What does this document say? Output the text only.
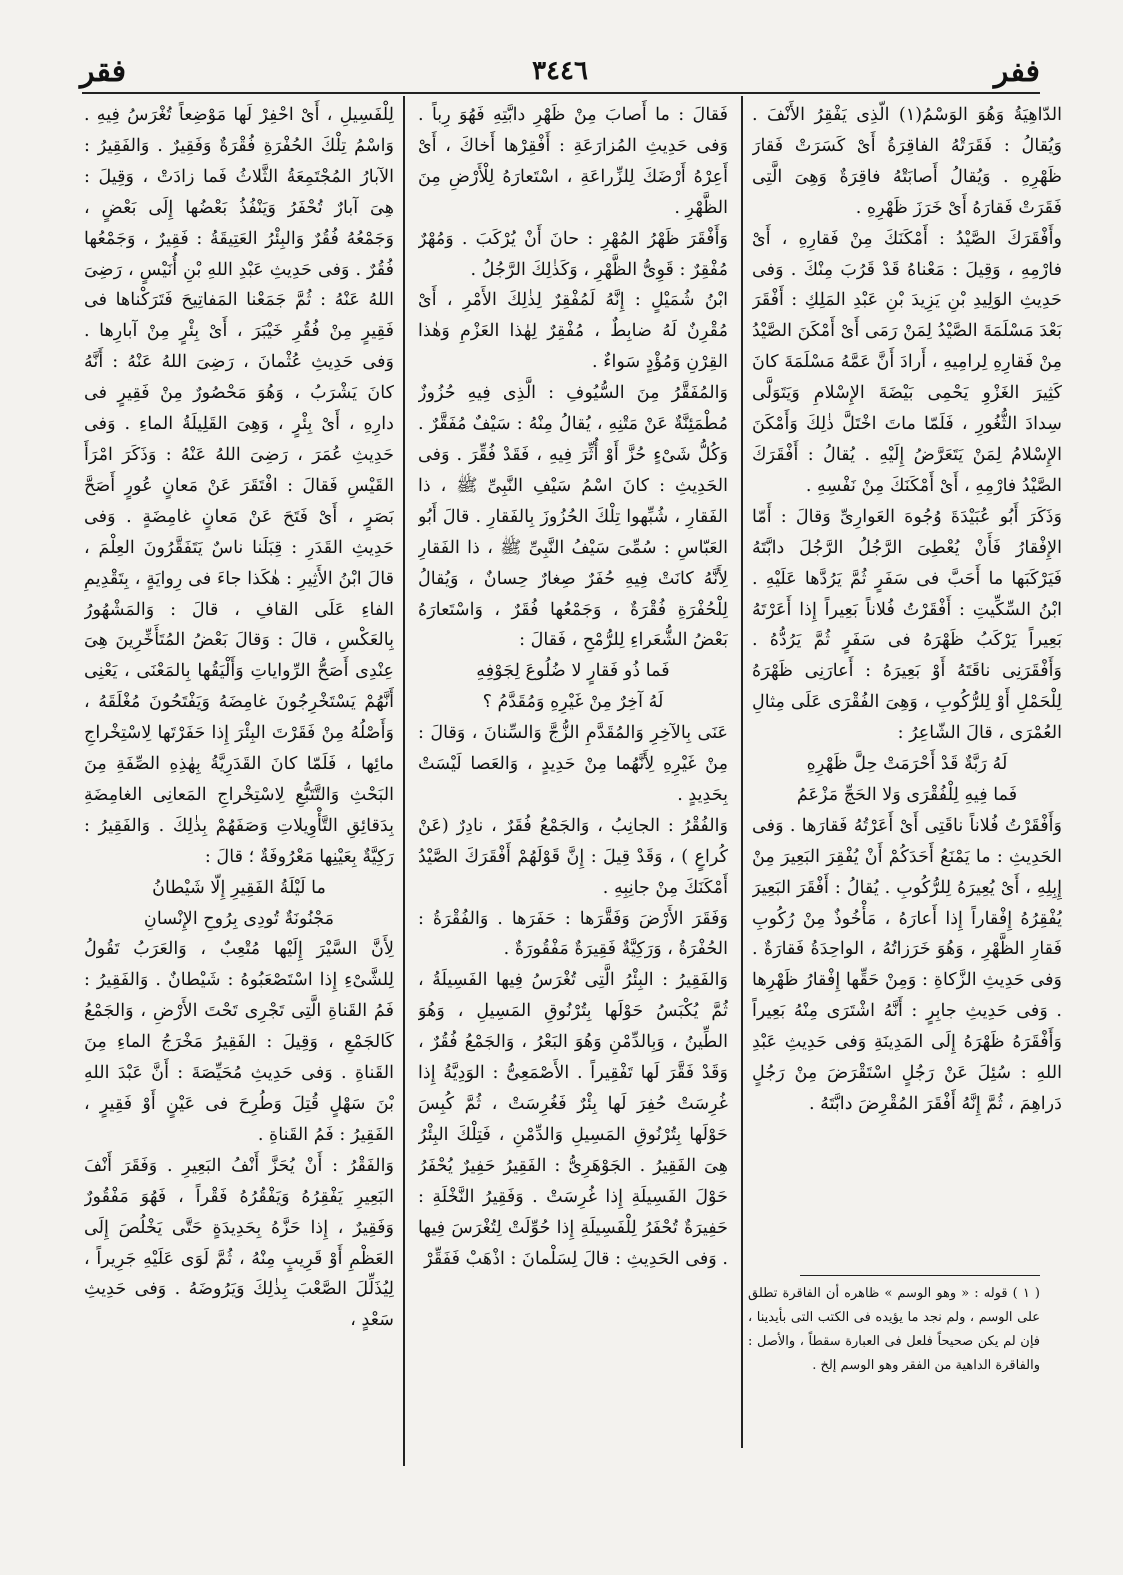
ففر
٣٤٤٦
فقر

الدّاهِيَةُ وَهُوَ الوَسْمُ(١) الّذِى يَفْقِرُ الأَنْفَ . وَيُقالُ : فَقَرَتْهُ الفاقِرَةُ أَىْ كَسَرَتْ فَقارَ ظَهْرِهِ . وَيُقالُ أَصابَتْهُ فاقِرَةٌ وَهِىَ الَّتِى فَقَرَتْ فَقارَهُ أَىْ خَرَزَ ظَهْرِهِ .

وأَفْقَرَكَ الصَّيْدُ : أَمْكَنَكَ مِنْ فَقارِهِ ، أَىْ فارْمِهِ ، وَقِيلَ : مَعْناهُ قَدْ قَرُبَ مِنْكَ . وَفى حَدِيثِ الوَلِيدِ بْنِ يَزِيدَ بْنِ عَبْدِ المَلِكِ : أَفْقَرَ بَعْدَ مَسْلَمَةَ الصَّيْدُ لِمَنْ رَمَى أَىْ أَمْكَنَ الصَّيْدُ مِنْ فَقارِهِ لِرامِيهِ ، أَرادَ أَنَّ عَمَّهُ مَسْلَمَةَ كانَ كَثِيرَ الغَزْوِ يَحْمِى بَيْضَةَ الإِسْلامِ وَيَتَوَلَّى سِدادَ الثُّغُورِ ، فَلَمّا ماتَ اخْتَلَّ ذٰلِكَ وَأَمْكَنَ الإِسْلامُ لِمَنْ يَتَعَرَّضُ إِلَيْهِ . يُقالُ : أَفْقَرَكَ الصَّيْدُ فارْمِهِ ، أَىْ أَمْكَنَكَ مِنْ نَفْسِهِ .

وَذَكَرَ أَبُو عُبَيْدَةَ وُجُوهَ العَوارِىِّ وَقالَ : أَمّا الإِفْقارُ فَأَنْ يُعْطِىَ الرَّجُلُ الرَّجُلَ دابَّتَهُ فَيَرْكَبَها ما أَحَبَّ فى سَفَرٍ ثُمَّ يَرُدَّها عَلَيْهِ . ابْنُ السِّكِّيتِ : أَفْقَرْتُ فُلاناً بَعِيراً إِذا أَعَرْتَهُ بَعِيراً يَرْكَبُ ظَهْرَهُ فى سَفَرٍ ثُمَّ يَرُدُّهُ . وَأَفْقَرَنِى ناقَتَهُ أَوْ بَعِيرَهُ : أَعارَنِى ظَهْرَهُ لِلْحَمْلِ أَوْ لِلرُّكُوبِ ، وَهِىَ الفُقْرَى عَلَى مِثالِ العُمْرَى ، قالَ الشّاعِرُ :

لَهُ رَبَّةٌ قَدْ أَحْرَمَتْ حِلَّ ظَهْرِهِ

فَما فِيهِ لِلْفُقْرَى وَلا الحَجِّ مَزْعَمُ

وَأَفْقَرْتُ فُلاناً ناقَتِى أَىْ أَعَرْتُهُ فَقارَها . وَفى الحَدِيثِ : ما يَمْنَعُ أَحَدَكُمْ أَنْ يُفْقِرَ البَعِيرَ مِنْ إِبِلِهِ ، أَىْ يُعِيرَهُ لِلرُّكُوبِ . يُقالُ : أَفْقَرَ البَعِيرَ يُفْقِرُهُ إِفْقاراً إِذا أَعارَهُ ، مَأْخُوذٌ مِنْ رُكُوبِ فَقارِ الظَّهْرِ ، وَهُوَ خَرَزاتُهُ ، الواحِدَةُ فَقارَةٌ . وَفى حَدِيثِ الزَّكاةِ : وَمِنْ حَقِّها إِفْقارُ ظَهْرِها . وَفى حَدِيثِ جابِرٍ : أَنَّهُ اشْتَرَى مِنْهُ بَعِيراً وَأَفْقَرَهُ ظَهْرَهُ إِلَى المَدِينَةِ وَفى حَدِيثِ عَبْدِ اللهِ : سُئِلَ عَنْ رَجُلٍ اسْتَقْرَضَ مِنْ رَجُلٍ دَراهِمَ ، ثُمَّ إِنَّهُ أَفْقَرَ المُقْرِضَ دابَّتَهُ .

فَقالَ : ما أَصابَ مِنْ ظَهْرِ دابَّتِهِ فَهُوَ رِباً . وَفى حَدِيثِ المُزارَعَةِ : أَفْقِرْها أَخاكَ ، أَىْ أَعِرْهُ أَرْضَكَ لِلزِّراعَةِ ، اسْتَعارَهُ لِلْأَرْضِ مِنَ الظَّهْرِ .

وَأَفْقَرَ ظَهْرُ المُهْرِ : حانَ أَنْ يُرْكَبَ . وَمُهْرٌ مُفْقِرٌ : قَوِىُّ الظَّهْرِ ، وَكَذٰلِكَ الرَّجُلُ .

ابْنُ شُمَيْلٍ : إِنَّهُ لَمُفْقِرٌ لِذٰلِكَ الأَمْرِ ، أَىْ مُقْرِنٌ لَهُ ضابِطٌ ، مُفْقِرٌ لِهٰذا العَزْمِ وَهٰذا القِرْنِ وَمُؤْدٍ سَواءٌ .

وَالمُفَقَّرُ مِنَ السُّيُوفِ : الَّذِى فِيهِ حُزُوزٌ مُطْمَئِنَّةٌ عَنْ مَتْنِهِ ، يُقالُ مِنْهُ : سَيْفٌ مُفَقَّرٌ . وَكُلُّ شَىْءٍ حُزَّ أَوْ أُثِّرَ فِيهِ ، فَقَدْ فُقِّرَ . وَفى الحَدِيثِ : كانَ اسْمُ سَيْفِ النَّبِىِّ ﷺ ، ذا الفَقارِ ، شُبِّهوا تِلْكَ الحُزُوزَ بِالفَقارِ . قالَ أَبُو العَبّاسِ : سُمِّىَ سَيْفُ النَّبِىِّ ﷺ ، ذا الفَقارِ لِأَنَّهُ كانَتْ فِيهِ حُفَرٌ صِغارٌ حِسانٌ ، وَيُقالُ لِلْحُفْرَةِ فُقْرَةٌ ، وَجَمْعُها فُقَرٌ ، وَاسْتَعارَهُ بَعْضُ الشُّعَراءِ لِلرُّمْحِ ، فَقالَ :

فَما ذُو فَقارٍ لا ضُلُوعَ لِجَوْفِهِ

لَهُ آخِرٌ مِنْ غَيْرِهِ وَمُقَدَّمُ ؟

عَنَى بِالآخِرِ وَالمُقَدَّمِ الزُّجَّ وَالسِّنانَ ، وَقالَ : مِنْ غَيْرِهِ لِأَنَّهُما مِنْ حَدِيدٍ ، وَالعَصا لَيْسَتْ بِحَدِيدٍ .

وَالفُقْرُ : الجانِبُ ، وَالجَمْعُ فُقَرٌ ، نادِرٌ (عَنْ كُراعٍ ) ، وَقَدْ قِيلَ : إِنَّ قَوْلَهُمْ أَفْقَرَكَ الصَّيْدُ أَمْكَنَكَ مِنْ جانِبِهِ .

وَفَقَرَ الأَرْضَ وَفَقَّرَها : حَفَرَها . وَالفُقْرَةُ : الحُفْرَةُ ، وَرَكِيَّةٌ فَقِيرَةٌ مَفْقُورَةٌ .

وَالفَقِيرُ : البِئْرُ الَّتِى تُغْرَسُ فِيها الفَسِيلَةُ ، ثُمَّ يُكْبَسُ حَوْلَها بِتُرْنُوقِ المَسِيلِ ، وَهُوَ الطِّينُ ، وَبِالدِّمْنِ وَهُوَ البَعْرُ ، وَالجَمْعُ فُقُرٌ ، وَقَدْ فَقَّرَ لَها تَفْقِيراً . الأَصْمَعِىُّ : الوَدِيَّةُ إِذا غُرِسَتْ حُفِرَ لَها بِئْرٌ فَغُرِسَتْ ، ثُمَّ كُبِسَ حَوْلَها بِتُرْنُوقِ المَسِيلِ وَالدِّمْنِ ، فَتِلْكَ البِئْرُ هِىَ الفَقِيرُ . الجَوْهَرِىُّ : الفَقِيرُ حَفِيرٌ يُحْفَرُ حَوْلَ الفَسِيلَةِ إِذا غُرِسَتْ . وَفَقِيرُ النَّخْلَةِ : حَفِيرَةٌ تُحْفَرُ لِلْفَسِيلَةِ إِذا حُوِّلَتْ لِتُغْرَسَ فِيها . وَفى الحَدِيثِ : قالَ لِسَلْمانَ : اذْهَبْ فَفَقِّرْ

لِلْفَسِيلِ ، أَىْ احْفِرْ لَها مَوْضِعاً تُغْرَسُ فِيهِ . وَاسْمُ تِلْكَ الحُفْرَةِ فُقْرَةٌ وَفَقِيرٌ . وَالفَقِيرُ : الآبارُ المُجْتَمِعَةُ الثَّلاثُ فَما زادَتْ ، وَقِيلَ : هِىَ آبارٌ تُحْفَرُ وَيَنْفُذُ بَعْضُها إِلَى بَعْضٍ ، وَجَمْعُهُ فُقُرٌ وَالبِئْرُ العَتِيقَةُ : فَقِيرٌ ، وَجَمْعُها فُقُرٌ . وَفى حَدِيثِ عَبْدِ اللهِ بْنِ أُنَيْسٍ ، رَضِىَ اللهُ عَنْهُ : ثُمَّ جَمَعْنا المَفاتِيحَ فَتَرَكْناها فى فَقِيرٍ مِنْ فُقُرِ خَيْبَرَ ، أَىْ بِئْرٍ مِنْ آبارِها . وَفى حَدِيثِ عُثْمانَ ، رَضِىَ اللهُ عَنْهُ : أَنَّهُ كانَ يَشْرَبُ ، وَهُوَ مَحْصُورٌ مِنْ فَقِيرٍ فى دارِهِ ، أَىْ بِئْرٍ ، وَهِىَ القَلِيلَةُ الماءِ . وَفى حَدِيثِ عُمَرَ ، رَضِىَ اللهُ عَنْهُ : وَذَكَرَ امْرَأَ القَيْسِ فَقالَ : افْتَقَرَ عَنْ مَعانٍ عُورٍ أَصَحَّ بَصَرٍ ، أَىْ فَتَحَ عَنْ مَعانٍ غامِضَةٍ . وَفى حَدِيثِ القَدَرِ : قِبَلَنا ناسٌ يَتَفَقَّرُونَ العِلْمَ ، قالَ ابْنُ الأَثِيرِ : هٰكَذا جاءَ فى رِوايَةٍ ، بِتَقْدِيمِ الفاءِ عَلَى القافِ ، قالَ : وَالمَشْهُورُ بِالعَكْسِ ، قالَ : وَقالَ بَعْضُ المُتَأَخِّرِينَ هِىَ عِنْدِى أَصَحُّ الرِّواياتِ وَأَلْيَقُها بِالمَعْنَى ، يَعْنِى أَنَّهُمْ يَسْتَخْرِجُونَ غامِضَهُ وَيَفْتَحُونَ مُغْلَقَهُ ، وَأَصْلُهُ مِنْ فَقَرْتَ البِئْرَ إِذا حَفَرْتَها لِاسْتِخْراجِ مائِها ، فَلَمّا كانَ القَدَرِيَّةُ بِهٰذِهِ الصِّفَةِ مِنَ البَحْثِ وَالتَّتَبُّعِ لِاسْتِخْراجِ المَعانِى الغامِضَةِ بِدَقائِقِ التَّأْوِيلاتِ وَصَفَهُمْ بِذٰلِكَ . وَالفَقِيرُ : رَكِيَّةٌ بِعَيْنِها مَعْرُوفَةٌ ؛ قالَ :

ما لَيْلَةُ الفَقِيرِ إِلّا شَيْطانُ

مَجْنُونَةٌ تُودِى بِرُوحِ الإِنْسانِ

لِأَنَّ السَّيْرَ إِلَيْها مُتْعِبٌ ، وَالعَرَبُ تَقُولُ لِلشَّىْءِ إِذا اسْتَصْعَبُوهُ : شَيْطانٌ . وَالفَقِيرُ : فَمُ القَناةِ الَّتِى تَجْرِى تَحْتَ الأَرْضِ ، وَالجَمْعُ كَالجَمْعِ ، وَقِيلَ : الفَقِيرُ مَخْرَجُ الماءِ مِنَ القَناةِ . وَفى حَدِيثِ مُحَيِّصَةَ : أَنَّ عَبْدَ اللهِ بْنَ سَهْلٍ قُتِلَ وَطُرِحَ فى عَيْنٍ أَوْ فَقِيرٍ ، الفَقِيرُ : فَمُ القَناةِ .

وَالفَقْرُ : أَنْ يُحَزَّ أَنْفُ البَعِيرِ . وَفَقَرَ أَنْفَ البَعِيرِ يَفْقِرُهُ وَيَفْقُرُهُ فَقْراً ، فَهُوَ مَفْقُورٌ وَفَقِيرٌ ، إِذا حَزَّهُ بِحَدِيدَةٍ حَتَّى يَخْلُصَ إِلَى العَظْمِ أَوْ قَرِيبٍ مِنْهُ ، ثُمَّ لَوَى عَلَيْهِ جَرِيراً ، لِيُذَلِّلَ الصَّعْبَ بِذٰلِكَ وَيَرُوضَهُ . وَفى حَدِيثِ سَعْدٍ ،

( ١ ) قوله : « وهو الوسم » ظاهره أن الفاقرة تطلق على الوسم ، ولم نجد ما يؤيده فى الكتب التى بأيدينا ، فإن لم يكن صحيحاً فلعل فى العبارة سقطاً ، والأصل : والفاقرة الداهية من الفقر وهو الوسم إلخ .
